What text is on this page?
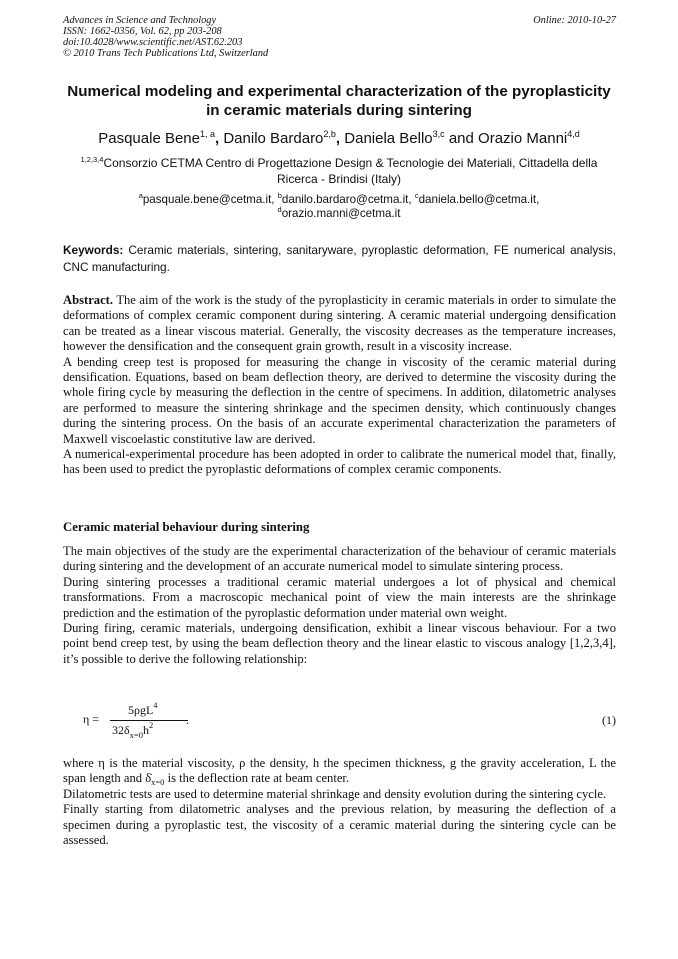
Advances in Science and Technology
ISSN: 1662-0356, Vol. 62, pp 203-208
doi:10.4028/www.scientific.net/AST.62.203
© 2010 Trans Tech Publications Ltd, Switzerland
Online: 2010-10-27
Numerical modeling and experimental characterization of the pyroplasticity in ceramic materials during sintering
Pasquale Bene$^{1, a}$, Danilo Bardaro$^{2,b}$, Daniela Bello$^{3,c}$ and Orazio Manni$^{4,d}$
$^{1,2,3,4}$Consorzio CETMA Centro di Progettazione Design & Tecnologie dei Materiali, Cittadella della Ricerca - Brindisi (Italy)
$^a$pasquale.bene@cetma.it, $^b$danilo.bardaro@cetma.it, $^c$daniela.bello@cetma.it,
$^d$orazio.manni@cetma.it
Keywords: Ceramic materials, sintering, sanitaryware, pyroplastic deformation, FE numerical analysis, CNC manufacturing.

Abstract. The aim of the work is the study of the pyroplasticity in ceramic materials in order to simulate the deformations of complex ceramic component during sintering. A ceramic material undergoing densification can be treated as a linear viscous material. Generally, the viscosity decreases as the temperature increases, however the densification and the consequent grain growth, result in a viscosity increase.

A bending creep test is proposed for measuring the change in viscosity of the ceramic material during densification. Equations, based on beam deflection theory, are derived to determine the viscosity during the whole firing cycle by measuring the deflection in the centre of specimens. In addition, dilatometric analyses are performed to measure the sintering shrinkage and the specimen density, which continuously changes during the sintering process. On the basis of an accurate experimental characterization the parameters of Maxwell viscoelastic constitutive law are derived.

A numerical-experimental procedure has been adopted in order to calibrate the numerical model that, finally, has been used to predict the pyroplastic deformations of complex ceramic components.

Ceramic material behaviour during sintering

The main objectives of the study are the experimental characterization of the behaviour of ceramic materials during sintering and the development of an accurate numerical model to simulate sintering process.

During sintering processes a traditional ceramic material undergoes a lot of physical and chemical transformations. From a macroscopic mechanical point of view the main interests are the shrinkage prediction and the estimation of the pyroplastic deformation under material own weight.

During firing, ceramic materials, undergoing densification, exhibit a linear viscous behaviour. For a two point bend creep test, by using the beam deflection theory and the linear elastic to viscous analogy [1,2,3,4], it’s possible to derive the following relationship:

η =
5ρgL$^4$
$32\delta_{x=0}h^2$	.	(1)

where η is the material viscosity, ρ the density, h the specimen thickness, g the gravity acceleration, L the span length and $\deltȧ_{x=0}$ is the deflection rate at beam center.

Dilatometric tests are used to determine material shrinkage and density evolution during the sintering cycle.

Finally starting from dilatometric analyses and the previous relation, by measuring the deflection of a specimen during a pyroplastic test, the viscosity of a ceramic material during the sintering cycle can be assessed.
